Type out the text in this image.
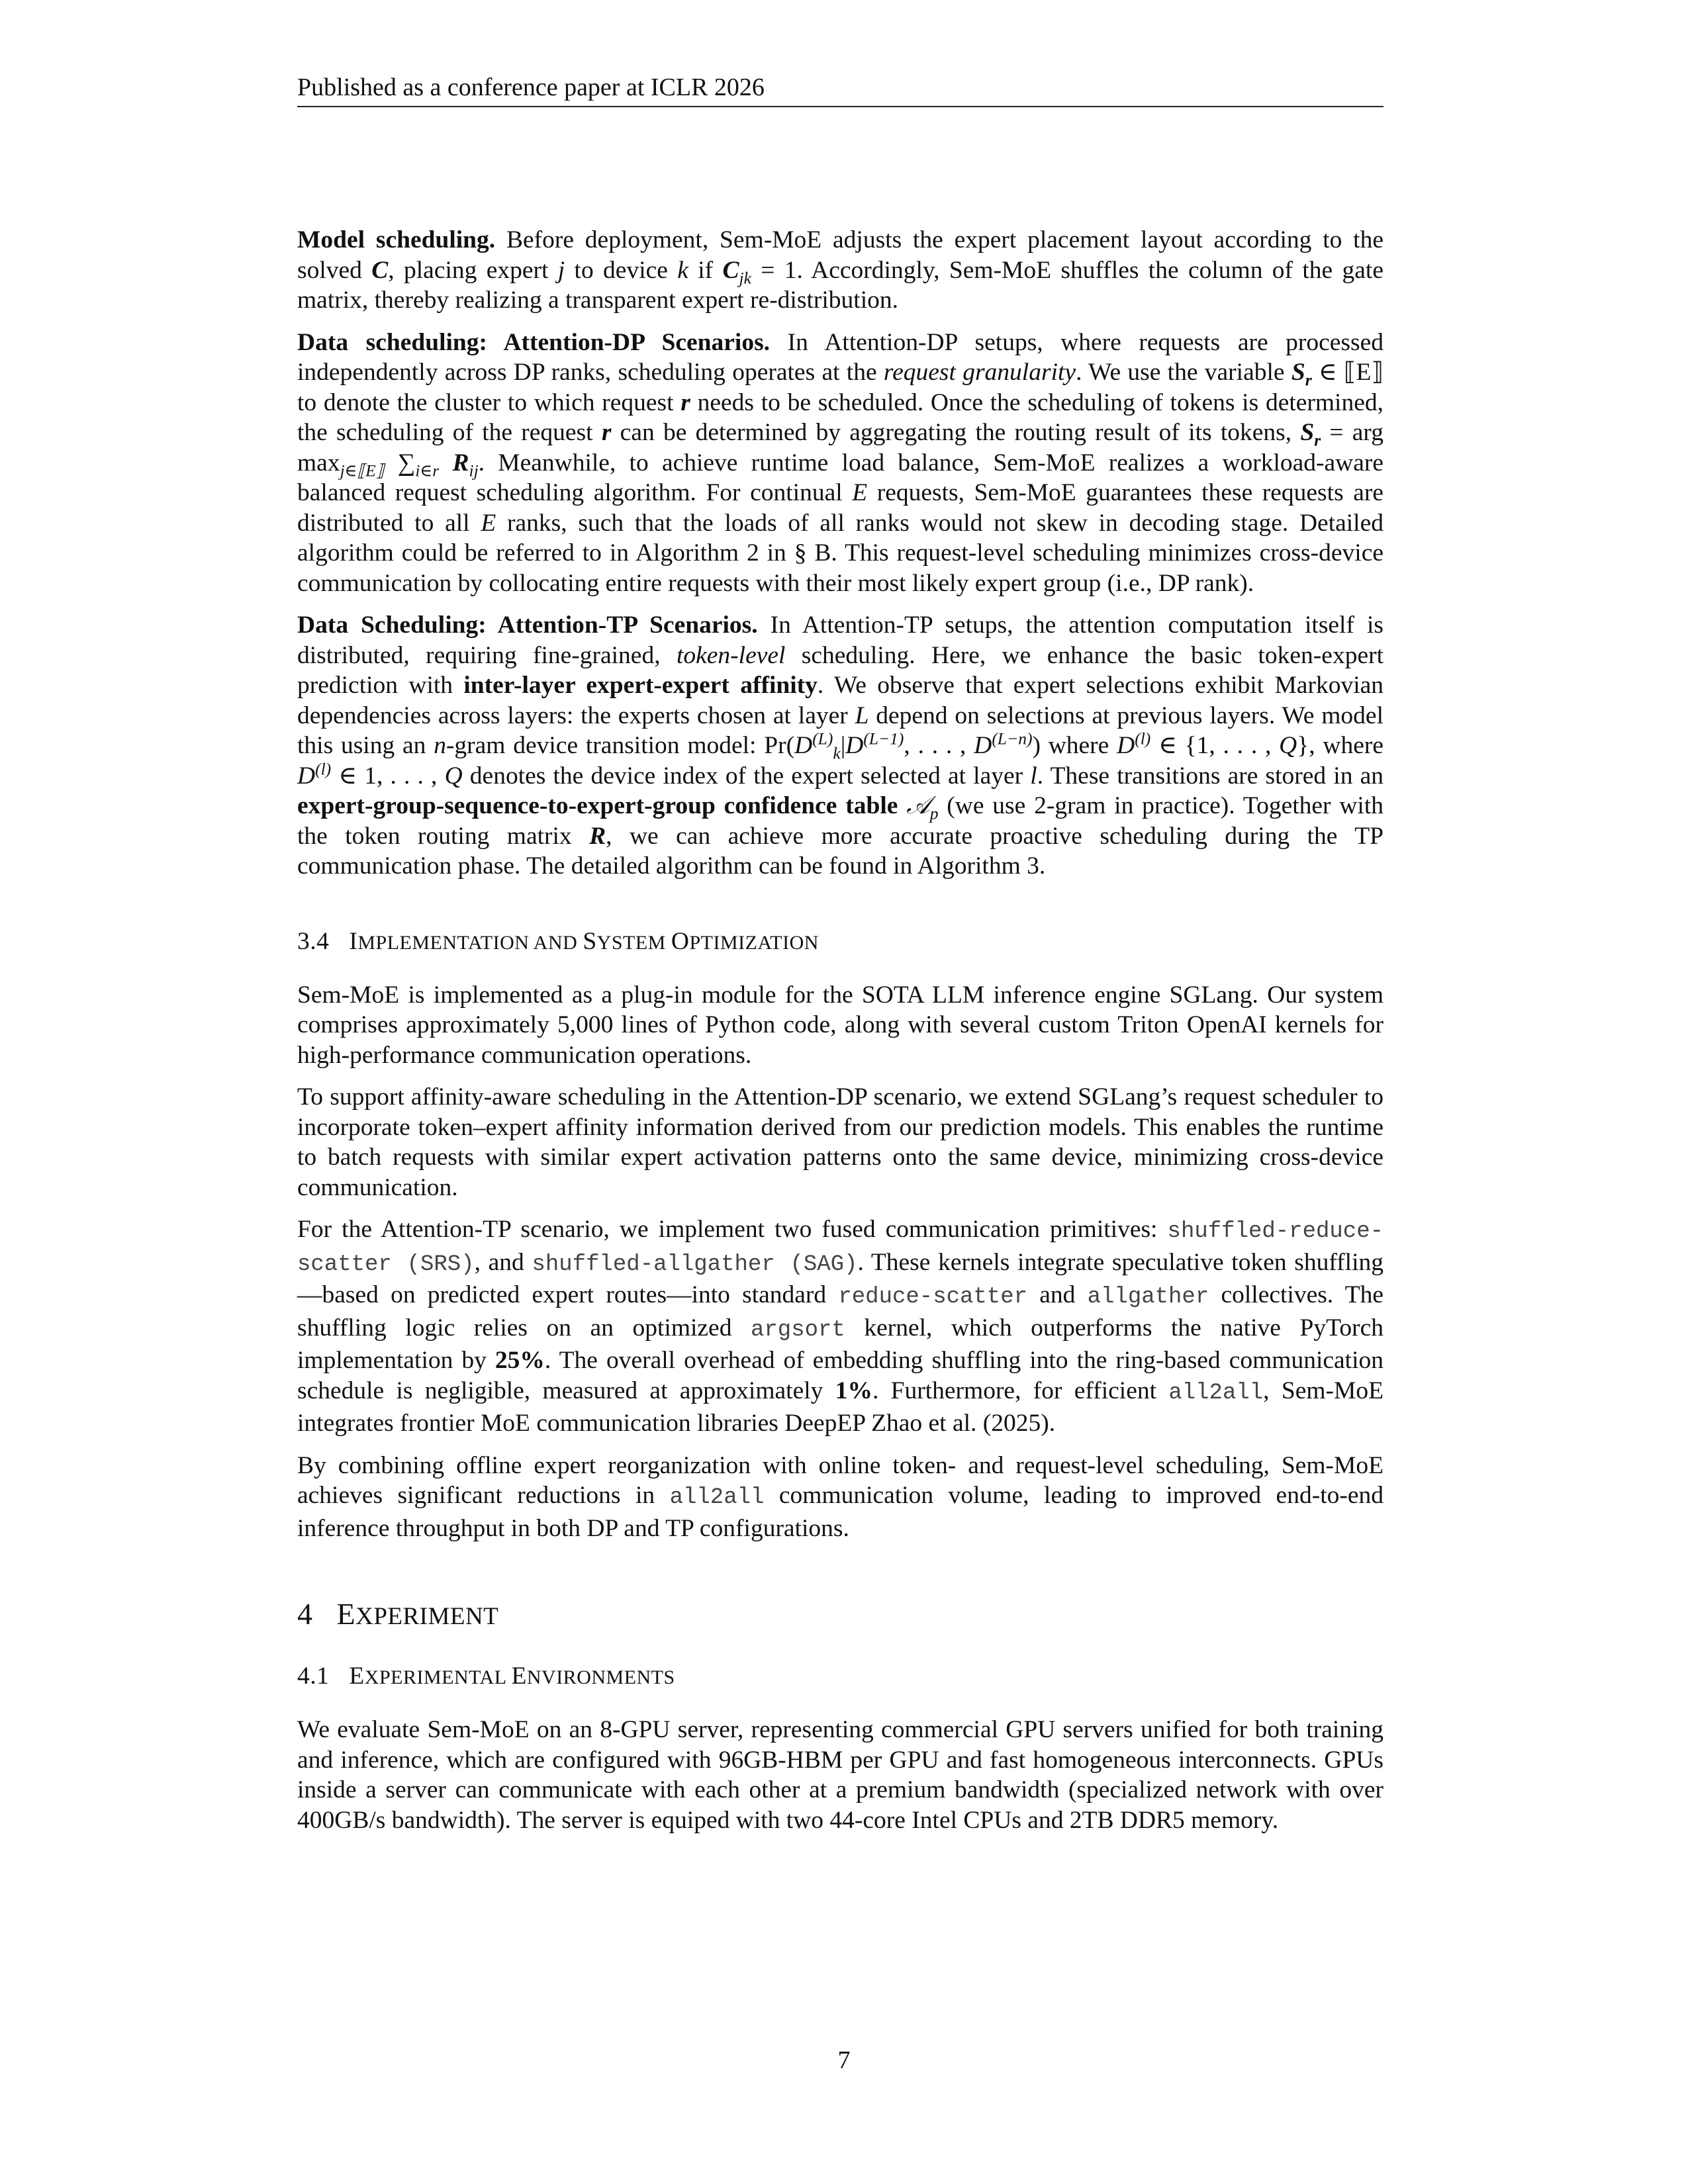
Published as a conference paper at ICLR 2026

Model scheduling. Before deployment, Sem-MoE adjusts the expert placement layout according to the solved C, placing expert j to device k if $C_{jk} = 1$. Accordingly, Sem-MoE shuffles the column of the gate matrix, thereby realizing a transparent expert re-distribution.

Data scheduling: Attention-DP Scenarios. In Attention-DP setups, where requests are processed independently across DP ranks, scheduling operates at the request granularity. We use the variable $S_r$ ∈ ⟦E⟧ to denote the cluster to which request r needs to be scheduled. Once the scheduling of tokens is determined, the scheduling of the request r can be determined by aggregating the routing result of its tokens, $S_r$ = arg $\max_{j\in⟦E⟧} \sum_{i\in r}$ $R_{ij}$. Meanwhile, to achieve runtime load balance, Sem-MoE realizes a workload-aware balanced request scheduling algorithm. For continual E requests, Sem-MoE guarantees these requests are distributed to all E ranks, such that the loads of all ranks would not skew in decoding stage. Detailed algorithm could be referred to in Algorithm 2 in § B. This request-level scheduling minimizes cross-device communication by collocating entire requests with their most likely expert group (i.e., DP rank).

Data Scheduling: Attention-TP Scenarios. In Attention-TP setups, the attention computation itself is distributed, requiring fine-grained, token-level scheduling. Here, we enhance the basic token-expert prediction with inter-layer expert-expert affinity. We observe that expert selections exhibit Markovian dependencies across layers: the experts chosen at layer L depend on selections at previous layers. We model this using an n-gram device transition model: $Pr(D^{(L)}_k|D^{(L-1)}$, . . . , $D^{(L-n)}$) where $D^{(l)}$ ∈ {1, . . . , Q}, where $D^{(l)}$ ∈ 1, . . . , Q denotes the device index of the expert selected at layer l. These transitions are stored in an expert-group-sequence-to-expert-group confidence table 𝒜$_p$ (we use 2-gram in practice). Together with the token routing matrix R, we can achieve more accurate proactive scheduling during the TP communication phase. The detailed algorithm can be found in Algorithm 3.

3.4 IMPLEMENTATION AND SYSTEM OPTIMIZATION

Sem-MoE is implemented as a plug-in module for the SOTA LLM inference engine SGLang. Our system comprises approximately 5,000 lines of Python code, along with several custom Triton OpenAI kernels for high-performance communication operations.

To support affinity-aware scheduling in the Attention-DP scenario, we extend SGLang’s request scheduler to incorporate token–expert affinity information derived from our prediction models. This enables the runtime to batch requests with similar expert activation patterns onto the same device, minimizing cross-device communication.

For the Attention-TP scenario, we implement two fused communication primitives: shuffled-reduce-scatter (SRS), and shuffled-allgather (SAG). These kernels integrate speculative token shuffling—based on predicted expert routes—into standard reduce-scatter and allgather collectives. The shuffling logic relies on an optimized argsort kernel, which outperforms the native PyTorch implementation by 25%. The overall overhead of embedding shuffling into the ring-based communication schedule is negligible, measured at approximately 1%. Furthermore, for efficient all2all, Sem-MoE integrates frontier MoE communication libraries DeepEP Zhao et al. (2025).

By combining offline expert reorganization with online token- and request-level scheduling, Sem-MoE achieves significant reductions in all2all communication volume, leading to improved end-to-end inference throughput in both DP and TP configurations.

4 EXPERIMENT
4.1 EXPERIMENTAL ENVIRONMENTS

We evaluate Sem-MoE on an 8-GPU server, representing commercial GPU servers unified for both training and inference, which are configured with 96GB-HBM per GPU and fast homogeneous interconnects. GPUs inside a server can communicate with each other at a premium bandwidth (specialized network with over 400GB/s bandwidth). The server is equiped with two 44-core Intel CPUs and 2TB DDR5 memory.

7
